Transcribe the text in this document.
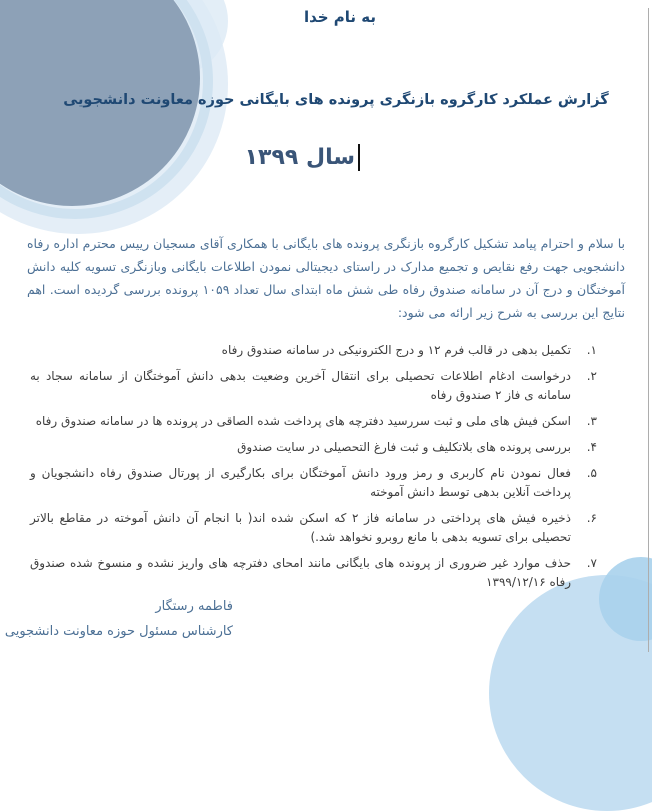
به نام خدا
گزارش عملکرد کارگروه بازنگری پرونده های بایگانی حوزه معاونت دانشجویی
سال ۱۳۹۹
با سلام و احترام پیامد تشکیل کارگروه بازنگری پرونده های بایگانی با همکاری آقای مسجیان رییس محترم اداره رفاه دانشجویی جهت رفع نقایص و تجمیع مدارک در راستای دیجیتالی نمودن اطلاعات بایگانی وبازنگری تسویه کلیه دانش آموختگان و درج آن در سامانه صندوق رفاه طی شش ماه ابتدای سال تعداد ۱۰۵۹ پرونده بررسی گردیده است. اهم نتایج این بررسی به شرح زیر ارائه می شود:
۱.
تکمیل بدهی در قالب فرم ۱۲ و درج الکترونیکی در سامانه صندوق رفاه
۲.
درخواست ادغام اطلاعات تحصیلی برای انتقال آخرین وضعیت بدهی دانش آموختگان از سامانه سجاد به سامانه ی فاز ۲ صندوق رفاه
۳.
اسکن فیش های ملی و ثبت سررسید دفترچه های پرداخت شده الصاقی در پرونده ها در سامانه صندوق رفاه
۴.
بررسی پرونده های بلاتکلیف و ثبت فارغ التحصیلی در سایت صندوق
۵.
فعال نمودن نام کاربری و رمز ورود دانش آموختگان برای بکارگیری از پورتال صندوق رفاه دانشجویان و پرداخت آنلاین بدهی توسط دانش آموخته
۶.
ذخیره فیش های پرداختی در سامانه فاز ۲ که اسکن شده اند( با انجام آن دانش آموخته در مقاطع بالاتر تحصیلی برای تسویه بدهی با مانع روبرو نخواهد شد.)
۷.
حذف موارد غیر ضروری از پرونده های بایگانی مانند امحای دفترچه های واریز نشده و منسوخ شده صندوق رفاه ۱۳۹۹/۱۲/۱۶
فاطمه رستگار
کارشناس مسئول حوزه معاونت دانشجویی
